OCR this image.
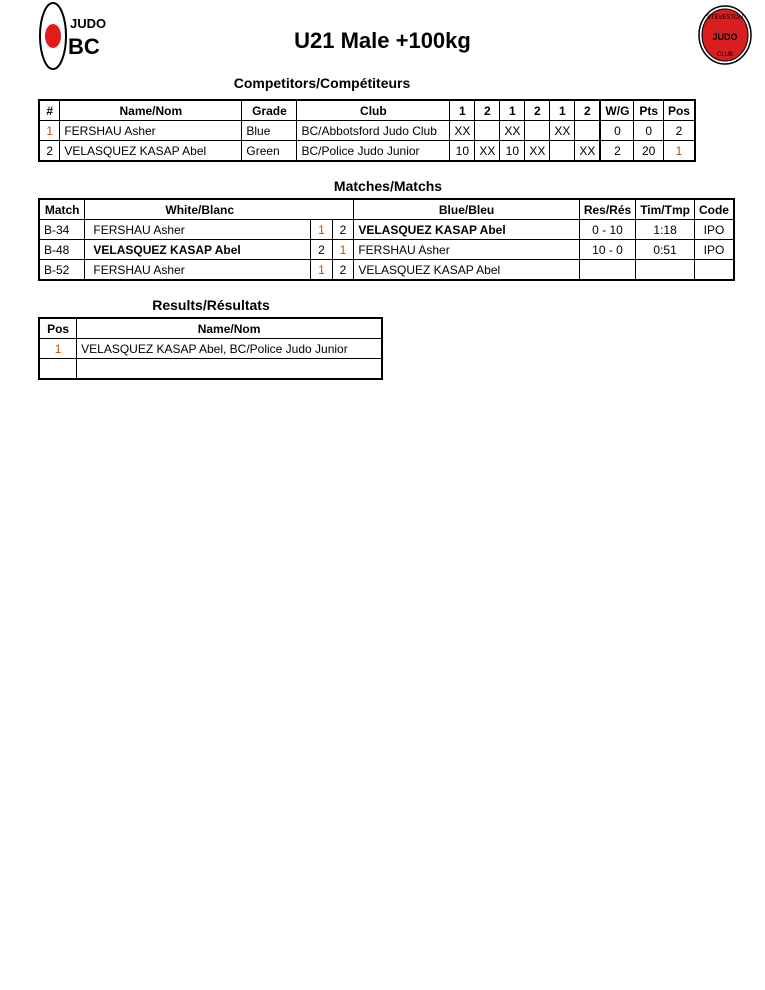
JUDO
BC	U21 Male +100kg
STEVESTON
JUDO
CLUB
Competitors/Compétiteurs
#	Name/Nom	Grade	Club	1	2	1	2	1	2	W/G	Pts	Pos
1	FERSHAU Asher	Blue	BC/Abbotsford Judo Club	XX		XX		XX		0	0	2
2	VELASQUEZ KASAP Abel	Green	BC/Police Judo Junior	10	XX	10	XX		XX	2	20	1
Matches/Matchs
Match	White/Blanc			Blue/Bleu	Res/Rés	Tim/Tmp	Code
B-34	FERSHAU Asher	1	2	VELASQUEZ KASAP Abel	0 - 10	1:18	IPO
B-48	VELASQUEZ KASAP Abel	2	1	FERSHAU Asher	10 - 0	0:51	IPO
B-52	FERSHAU Asher	1	2	VELASQUEZ KASAP Abel			
Results/Résultats
Pos	Name/Nom
1	VELASQUEZ KASAP Abel, BC/Police Judo Junior
